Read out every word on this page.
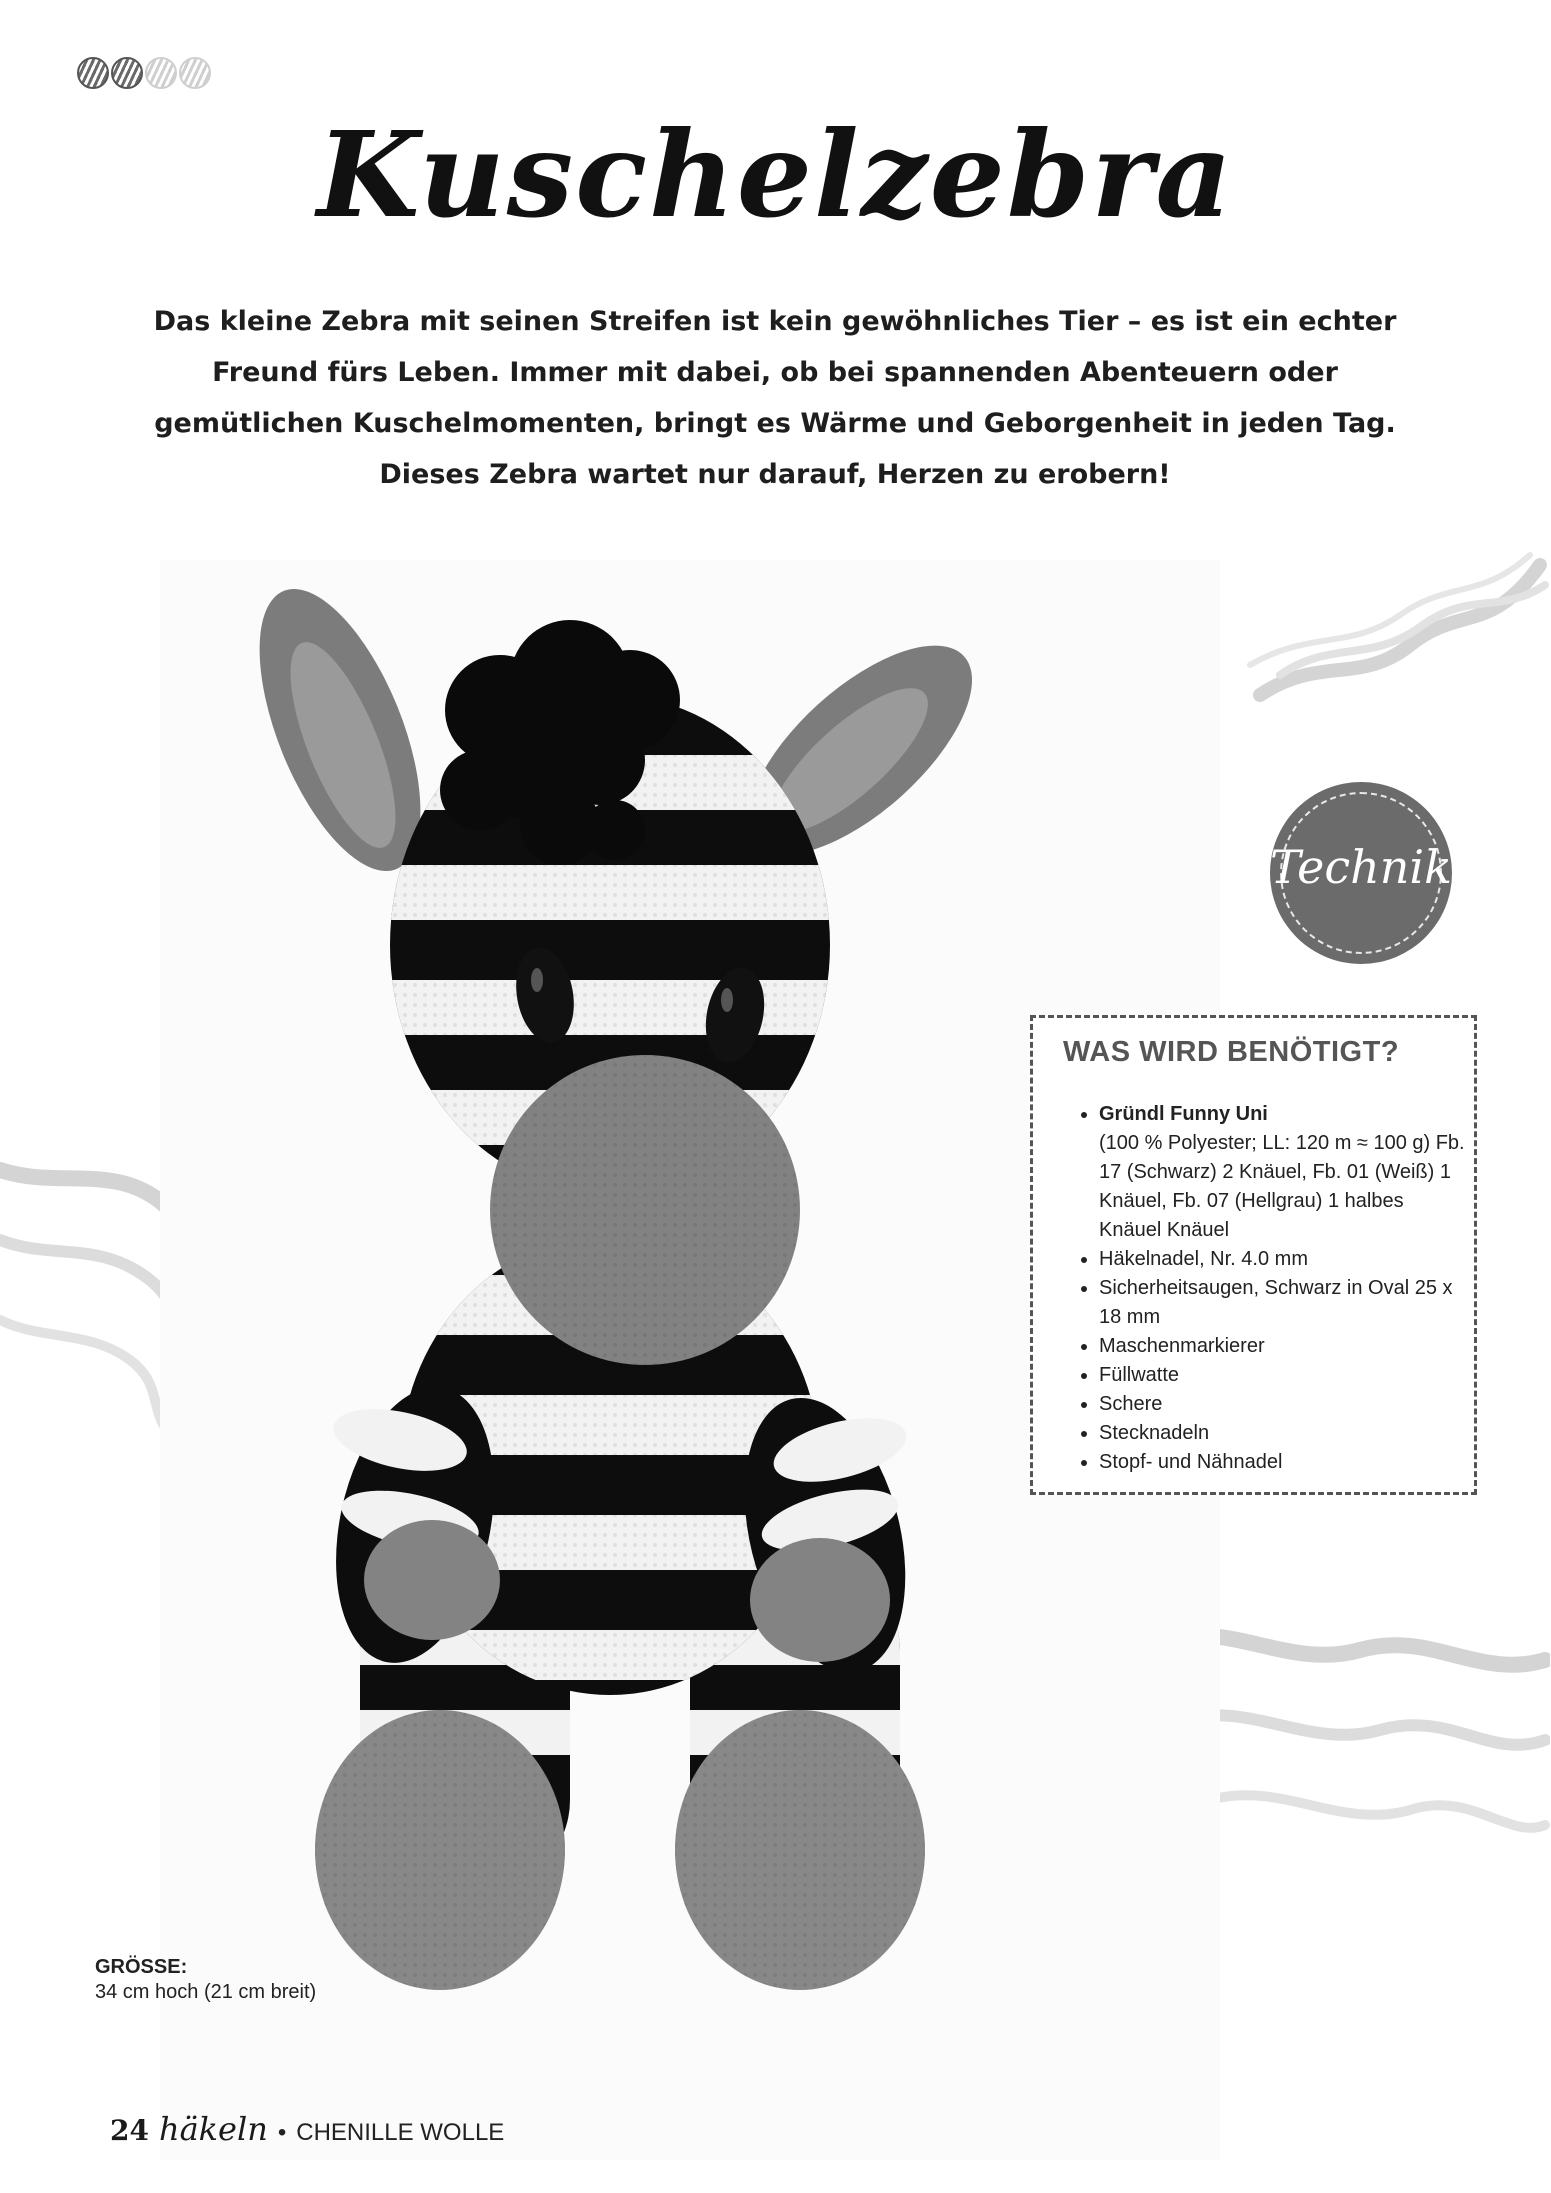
Kuschelzebra
Das kleine Zebra mit seinen Streifen ist kein gewöhnliches Tier – es ist ein echter Freund fürs Leben. Immer mit dabei, ob bei spannenden Abenteuern oder gemütlichen Kuschelmomenten, bringt es Wärme und Geborgenheit in jeden Tag. Dieses Zebra wartet nur darauf, Herzen zu erobern!
Technik
WAS WIRD BENÖTIGT?
• Gründl Funny Uni
(100 % Polyester; LL: 120 m ≈ 100 g) Fb. 17 (Schwarz) 2 Knäuel, Fb. 01 (Weiß) 1 Knäuel, Fb. 07 (Hellgrau) 1 halbes Knäuel Knäuel
• Häkelnadel, Nr. 4.0 mm
• Sicherheitsaugen, Schwarz in Oval 25 x 18 mm
• Maschenmarkierer
• Füllwatte
• Schere
• Stecknadeln
• Stopf- und Nähnadel
GRÖSSE:
34 cm hoch (21 cm breit)
24 häkeln • CHENILLE WOLLE
